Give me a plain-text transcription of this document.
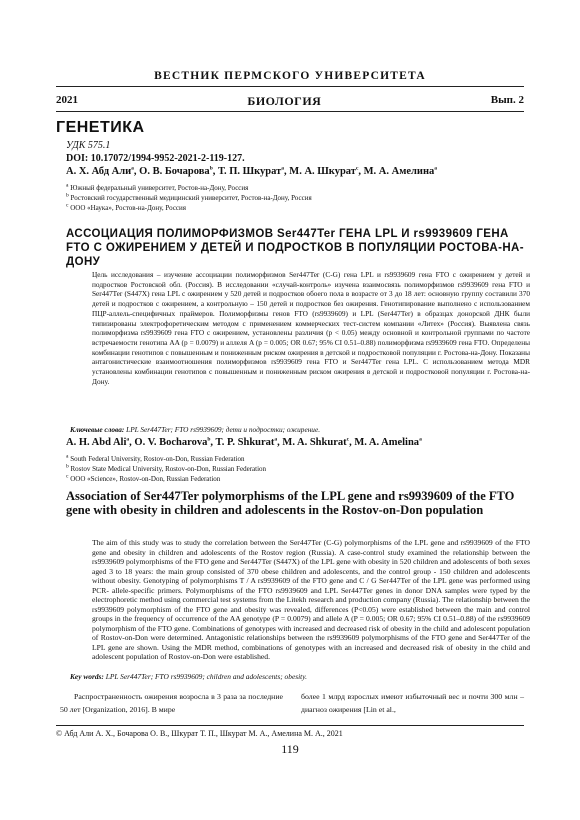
ВЕСТНИК ПЕРМСКОГО УНИВЕРСИТЕТА
2021	БИОЛОГИЯ	Вып. 2
ГЕНЕТИКА
УДК 575.1
DOI: 10.17072/1994-9952-2021-2-119-127.
А. Х. Абд Али$^a$, О. В. Бочарова$^b$, Т. П. Шкурат$^a$, М. А. Шкурат$^c$, М. А. Амелина$^a$
$^a$ Южный федеральный университет, Ростов-на-Дону, Россия
$^b$ Ростовский государственный медицинский университет, Ростов-на-Дону, Россия
$^c$ ООО «Наука», Ростов-на-Дону, Россия
АССОЦИАЦИЯ ПОЛИМОРФИЗМОВ Ser447Ter ГЕНА LPL И rs9939609 ГЕНА FTO С ОЖИРЕНИЕМ У ДЕТЕЙ И ПОДРОСТКОВ В ПОПУЛЯЦИИ РОСТОВА-НА-ДОНУ
Цель исследования – изучение ассоциации полиморфизмов Ser447Ter (C-G) гена LPL и rs9939609 гена FTO с ожирением у детей и подростков Ростовской обл. (Россия). В исследовании «случай-контроль» изучена взаимосвязь полиморфизмов rs9939609 гена FTO и Ser447Ter (S447X) гена LPL с ожирением у 520 детей и подростков обоего пола в возрасте от 3 до 18 лет: основную группу составили 370 детей и подростков с ожирением, а контрольную – 150 детей и подростков без ожирения. Генотипирование выполнено с использованием ПЦР-аллель-специфичных праймеров. Полиморфизмы генов FTO (rs9939609) и LPL (Ser447Ter) в образцах донорской ДНК были типизированы электрофоретическим методом с применением коммерческих тест-систем компании «Литех» (Россия). Выявлена связь полиморфизма rs9939609 гена FTO с ожирением, установлены различия (p < 0.05) между основной и контрольной группами по частоте встречаемости генотипа AA (p = 0.0079) и аллеля A (p = 0.005; OR 0.67; 95% CI 0.51–0.88) полиморфизма rs9939609 гена FTO. Определены комбинации генотипов с повышенным и пониженным риском ожирения в детской и подростковой популяции г. Ростова-на-Дону. Показаны антагонистические взаимоотношения полиморфизмов rs9939609 гена FTO и Ser447Ter гена LPL. С использованием метода MDR установлены комбинации генотипов с повышенным и пониженным риском ожирения в детской и подростковой популяции г. Ростова-на-Дону.
Ключевые слова: LPL Ser447Ter; FTO rs9939609; дети и подростки; ожирение.
A. H. Abd Ali$^a$, O. V. Bocharova$^b$, T. P. Shkurat$^a$, M. A. Shkurat$^c$, M. A. Amelina$^a$
$^a$ South Federal University, Rostov-on-Don, Russian Federation
$^b$ Rostov State Medical University, Rostov-on-Don, Russian Federation
$^c$ OOO «Science», Rostov-on-Don, Russian Federation
Association of Ser447Ter polymorphisms of the LPL gene and rs9939609 of the FTO gene with obesity in children and adolescents in the Rostov-on-Don population
The aim of this study was to study the correlation between the Ser447Ter (C-G) polymorphisms of the LPL gene and rs9939609 of the FTO gene and obesity in children and adolescents of the Rostov region (Russia). A case-control study examined the relationship between the rs9939609 polymorphisms of the FTO gene and Ser447Ter (S447X) of the LPL gene with obesity in 520 children and adolescents of both sexes aged 3 to 18 years: the main group consisted of 370 obese children and adolescents, and the control group - 150 children and adolescents without obesity. Genotyping of polymorphisms T / A rs9939609 of the FTO gene and C / G Ser447Ter of the LPL gene was performed using PCR- allele-specific primers. Polymorphisms of the FTO rs9939609 and LPL Ser447Ter genes in donor DNA samples were typed by the electrophoretic method using commercial test systems from the Litekh research and production company (Russia). The relationship between the rs9939609 polymorphism of the FTO gene and obesity was revealed, differences (P<0.05) were established between the main and control groups in the frequency of occurrence of the AA genotype (P = 0.0079) and allele A (P = 0.005; OR 0.67; 95% CI 0.51–0.88) of the rs9939609 polymorphism of the FTO gene. Combinations of genotypes with increased and decreased risk of obesity in the child and adolescent population of Rostov-on-Don were determined. Antagonistic relationships between the rs9939609 polymorphisms of the FTO gene and Ser447Ter of the LPL gene are shown. Using the MDR method, combinations of genotypes with an increased and decreased risk of obesity in the child and adolescent population of Rostov-on-Don were established.
Key words: LPL Ser447Ter; FTO rs9939609; children and adolescents; obesity.

Распространенность ожирения возросла в 3 раза за последние 50 лет [Organization, 2016]. В мире

более 1 млрд взрослых имеют избыточный вес и почти 300 млн – диагноз ожирения [Lin et al.,

© Абд Али А. Х., Бочарова О. В., Шкурат Т. П., Шкурат М. А., Амелина М. А., 2021
119
